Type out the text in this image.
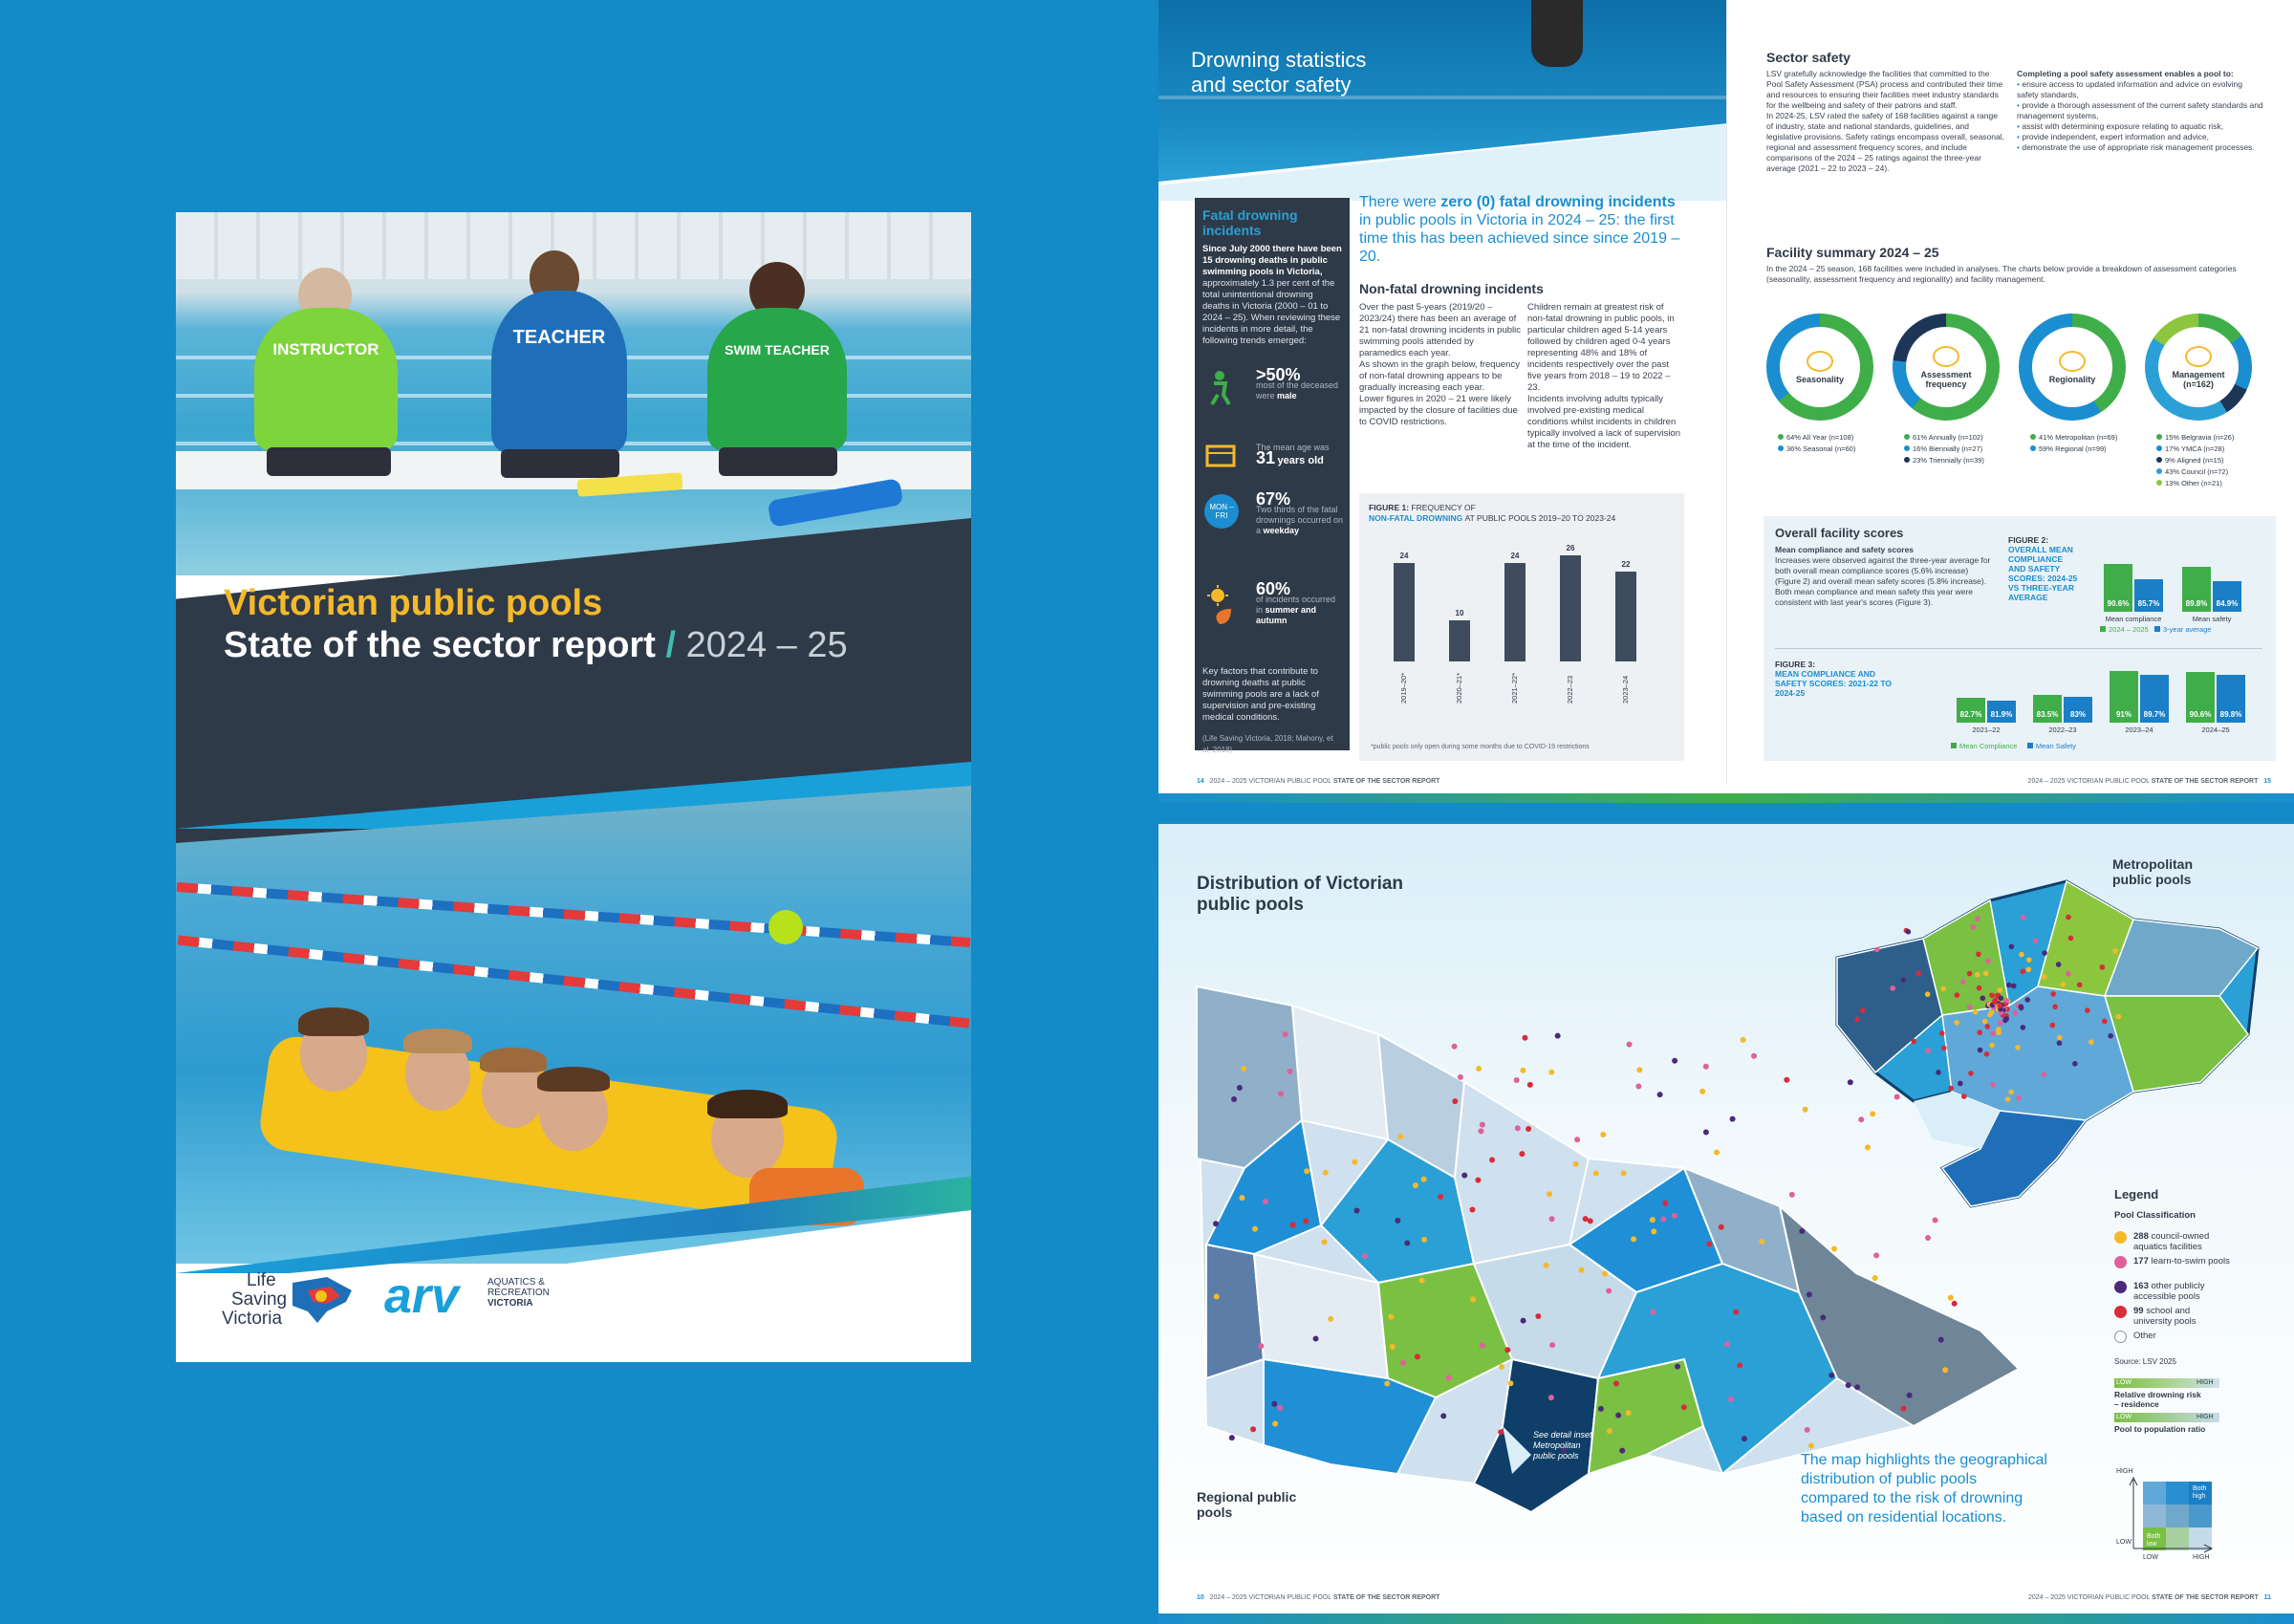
INSTRUCTOR
TEACHER
SWIM TEACHER
Victorian public pools
State of the sector report / 2024 – 25
Life
Saving
Victoria arv	AQUATICS &
RECREATION
VICTORIA
Drowning statistics
and sector safety
Fatal drowning
incidents
Since July 2000 there have been 15 drowning deaths in public swimming pools in Victoria, approximately 1.3 per cent of the total unintentional drowning deaths in Victoria (2000 – 01 to 2024 – 25). When reviewing these incidents in more detail, the following trends emerged:
>50%
most of the deceased were male
The mean age was
31 years old
MON –FRI
67%
Two thirds of the fatal drownings occurred on a weekday
60%
of incidents occurred in summer and autumn
Key factors that contribute to drowning deaths at public swimming pools are a lack of supervision and pre-existing medical conditions.
(Life Saving Victoria, 2018; Mahony, et al, 2018)
There were zero (0) fatal drowning incidents in public pools in Victoria in 2024 – 25: the first time this has been achieved since since 2019 – 20.
Non-fatal drowning incidents

Over the past 5-years (2019/20 – 2023/24) there has been an average of 21 non-fatal drowning incidents in public swimming pools attended by paramedics each year.

As shown in the graph below, frequency of non-fatal drowning appears to be gradually increasing each year.

Lower figures in 2020 – 21 were likely impacted by the closure of facilities due to COVID restrictions.

Children remain at greatest risk of non-fatal drowning in public pools, in particular children aged 5-14 years followed by children aged 0-4 years representing 48% and 18% of incidents respectively over the past five years from 2018 – 19 to 2022 – 23.

Incidents involving adults typically involved pre-existing medical conditions whilst incidents in children typically involved a lack of supervision at the time of the incident.

FIGURE 1: FREQUENCY OF
NON-FATAL DROWNING AT PUBLIC POOLS 2019–20 TO 2023-24
24
2019–20*
10
2020–21*
24
2021–22*
26
2022–23
22
2023–24
*public pools only open during some months due to COVID-19 restrictions
Sector safety

LSV gratefully acknowledge the facilities that committed to the Pool Safety Assessment (PSA) process and contributed their time and resources to ensuring their facilities meet industry standards for the wellbeing and safety of their patrons and staff.

In 2024-25, LSV rated the safety of 168 facilities against a range of industry, state and national standards, guidelines, and legislative provisions. Safety ratings encompass overall, seasonal, regional and assessment frequency scores, and include comparisons of the 2024 – 25 ratings against the three-year average (2021 – 22 to 2023 – 24).

Completing a pool safety assessment enables a pool to:
• ensure access to updated information and advice on evolving safety standards,
• provide a thorough assessment of the current safety standards and management systems,
• assist with determining exposure relating to aquatic risk,
• provide independent, expert information and advice,
• demonstrate the use of appropriate risk management processes.
Facility summary 2024 – 25
In the 2024 – 25 season, 168 facilities were included in analyses. The charts below provide a breakdown of assessment categories (seasonality, assessment frequency and regionality) and facility management.
Seasonality
64% All Year (n=108)
36% Seasonal (n=60)
Assessment frequency
61% Annually (n=102)
16% Biennially (n=27)
23% Triennially (n=39)
Regionality
41% Metropolitan (n=69)
59% Regional (n=99)
Management (n=162)
15% Belgravia (n=26)
17% YMCA (n=28)
9% Aligned (n=15)
43% Council (n=72)
13% Other (n=21)
Overall facility scores
Mean compliance and safety scores

Increases were observed against the three-year average for both overall mean compliance scores (5.6% increase) (Figure 2) and overall mean safety scores (5.8% increase). Both mean compliance and mean safety this year were consistent with last year's scores (Figure 3).

FIGURE 2:
OVERALL MEAN
COMPLIANCE
AND SAFETY
SCORES: 2024-25
VS THREE-YEAR
AVERAGE
90.6%	85.7%
Mean compliance
89.8%	84.9%
Mean safety
2024 – 2025 3-year average
FIGURE 3:
MEAN COMPLIANCE AND
SAFETY SCORES: 2021-22 TO
2024-25
82.7%	81.9%
2021–22
83.5%	83%
2022–23
91%	89.7%
2023–24
90.6%	89.8%
2024–25
Mean Compliance	Mean Safety
14 2024 – 2025 VICTORIAN PUBLIC POOL STATE OF THE SECTOR REPORT	2024 – 2025 VICTORIAN PUBLIC POOL STATE OF THE SECTOR REPORT 15
Distribution of Victorian
public pools
See detail inset: Metropolitan public pools
Metropolitan
public pools
Regional public
pools
Legend
Pool Classification
288 council-owned
aquatics facilities
177 learn-to-swim pools
163 other publicly
accessible pools
99 school and
university pools
Other
Source: LSV 2025
LOW	HIGH
Relative drowning risk
– residence
LOW	HIGH
Pool to population ratio
HIGH
LOW
Both
high
Both
low
LOW	HIGH
The map highlights the geographical
distribution of public pools
compared to the risk of drowning
based on residential locations.
10 2024 – 2025 VICTORIAN PUBLIC POOL STATE OF THE SECTOR REPORT	2024 – 2025 VICTORIAN PUBLIC POOL STATE OF THE SECTOR REPORT 11
